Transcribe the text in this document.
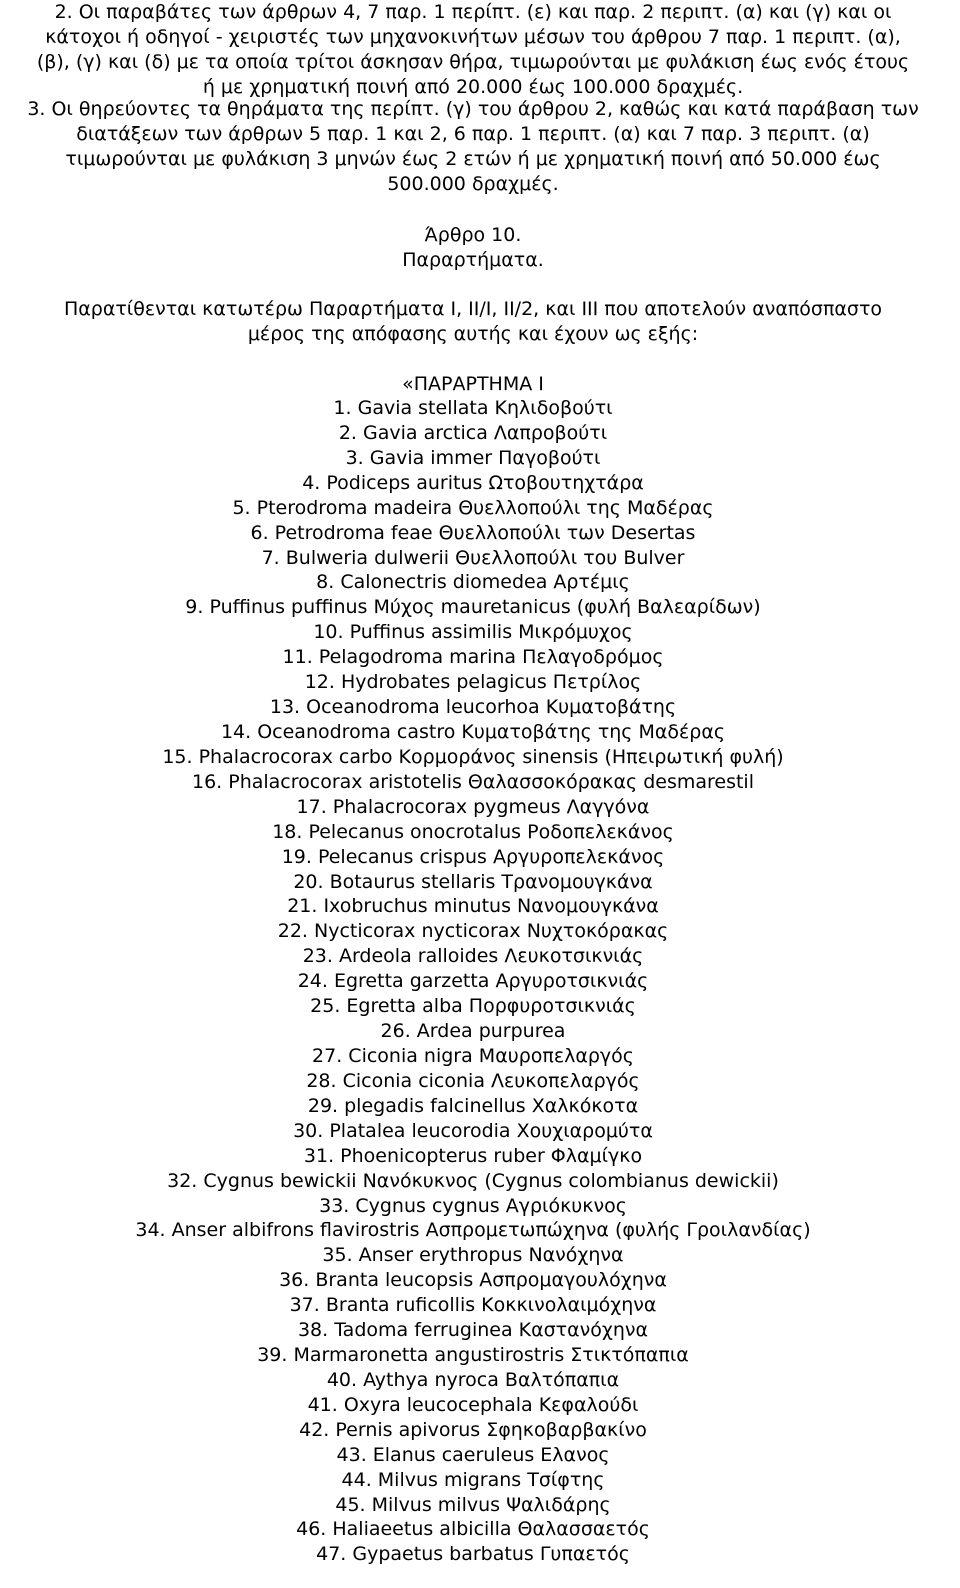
2. Οι παραβάτες των άρθρων 4, 7 παρ. 1 περίπτ. (ε) και παρ. 2 περιπτ. (α) και (γ) και οι
κάτοχοι ή οδηγοί - χειριστές των μηχανοκινήτων μέσων του άρθρου 7 παρ. 1 περιπτ. (α),
(β), (γ) και (δ) με τα οποία τρίτοι άσκησαν θήρα, τιμωρούνται με φυλάκιση έως ενός έτους
ή με χρηματική ποινή από 20.000 έως 100.000 δραχμές.
3. Οι θηρεύοντες τα θηράματα της περίπτ. (γ) του άρθρου 2, καθώς και κατά παράβαση των
διατάξεων των άρθρων 5 παρ. 1 και 2, 6 παρ. 1 περιπτ. (α) και 7 παρ. 3 περιπτ. (α)
τιμωρούνται με φυλάκιση 3 μηνών έως 2 ετών ή με χρηματική ποινή από 50.000 έως
500.000 δραχμές.
Άρθρο 10.
Παραρτήματα.
Παρατίθενται κατωτέρω Παραρτήματα Ι, ΙΙ/Ι, ΙΙ/2, και ΙΙΙ που αποτελούν αναπόσπαστο
μέρος της απόφασης αυτής και έχουν ως εξής:
«ΠΑΡΑΡΤΗΜΑ Ι
1. Gavia stellata Κηλιδοβούτι
2. Gavia arctica Λαπροβούτι
3. Gavia immer Παγοβούτι
4. Podiceps auritus Ωτοβουτηχτάρα
5. Pterodroma madeira Θυελλοπούλι της Μαδέρας
6. Petrodroma feae Θυελλοπούλι των Desertas
7. Bulweria dulwerii Θυελλοπούλι του Bulver
8. Calonectris diomedea Αρτέμις
9. Puffinus puffinus Μύχος mauretanicus (φυλή Βαλεαρίδων)
10. Puffinus assimilis Μικρόμυχος
11. Pelagodroma marina Πελαγοδρόμος
12. Hydrobates pelagicus Πετρίλος
13. Oceanodroma leucorhoa Κυματοβάτης
14. Oceanodroma castro Κυματοβάτης της Μαδέρας
15. Phalacrocorax carbo Κορμοράνος sinensis (Ηπειρωτική φυλή)
16. Phalacrocorax aristotelis Θαλασσοκόρακας desmarestil
17. Phalacrocorax pygmeus Λαγγόνα
18. Pelecanus onocrotalus Ροδοπελεκάνος
19. Pelecanus crispus Αργυροπελεκάνος
20. Botaurus stellaris Τρανομουγκάνα
21. Ixobruchus minutus Νανομουγκάνα
22. Nycticorax nycticorax Νυχτοκόρακας
23. Ardeola ralloides Λευκοτσικνιάς
24. Egretta garzetta Αργυροτσικνιάς
25. Egretta alba Πορφυροτσικνιάς
26. Ardea purpurea
27. Ciconia nigra Μαυροπελαργός
28. Ciconia ciconia Λευκοπελαργός
29. plegadis falcinellus Χαλκόκοτα
30. Platalea leucorodia Χουχιαρομύτα
31. Phoenicopterus ruber Φλαμίγκο
32. Cygnus bewickii Νανόκυκνος (Cygnus colombianus dewickii)
33. Cygnus cygnus Αγριόκυκνος
34. Anser albifrons flavirostris Ασπρομετωπώχηνα (φυλής Γροιλανδίας)
35. Anser erythropus Νανόχηνα
36. Branta leucopsis Ασπρομαγουλόχηνα
37. Branta ruficollis Κοκκινολαιμόχηνα
38. Tadoma ferruginea Καστανόχηνα
39. Marmaronetta angustirostris Στικτόπαπια
40. Aythya nyroca Βαλτόπαπια
41. Oxyra leucocephala Κεφαλούδι
42. Pernis apivorus Σφηκοβαρβακίνο
43. Elanus caeruleus Ελανος
44. Milvus migrans Τσίφτης
45. Milvus milvus Ψαλιδάρης
46. Haliaeetus albicilla Θαλασσαετός
47. Gypaetus barbatus Γυπαετός
